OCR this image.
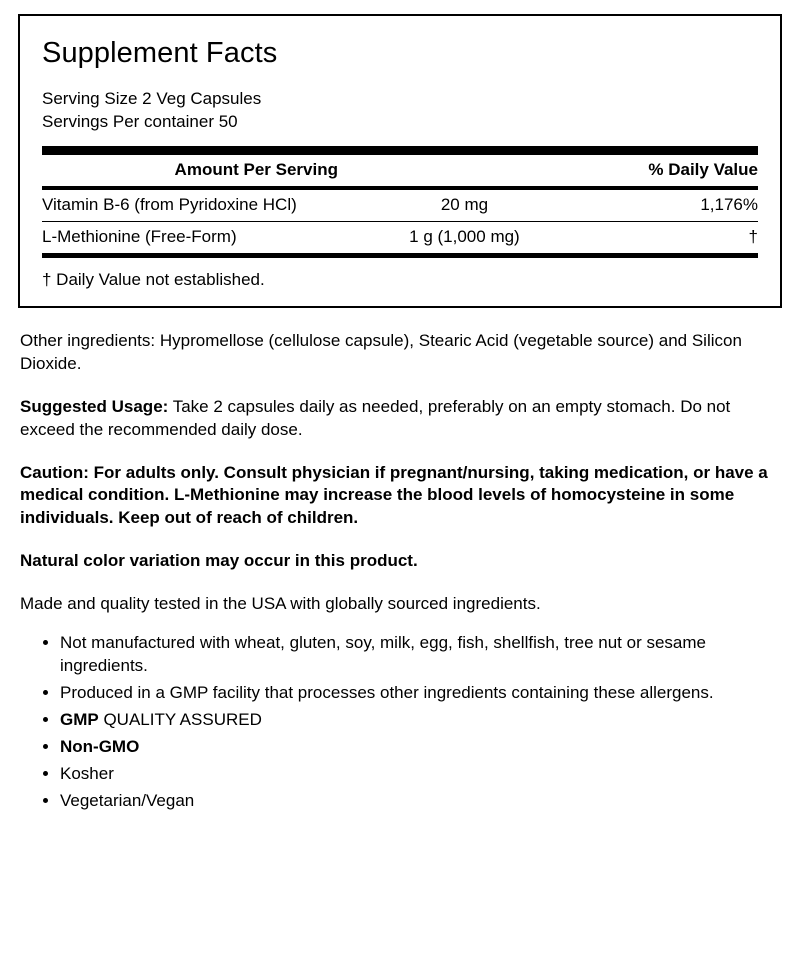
Supplement Facts
Serving Size 2 Veg Capsules
Servings Per container 50
	Amount Per Serving	% Daily Value
Vitamin B-6 (from Pyridoxine HCl)	20 mg	1,176%
L-Methionine (Free-Form)	1 g (1,000 mg)	†
† Daily Value not established.

Other ingredients: Hypromellose (cellulose capsule), Stearic Acid (vegetable source) and Silicon Dioxide.

Suggested Usage: Take 2 capsules daily as needed, preferably on an empty stomach. Do not exceed the recommended daily dose.

Caution: For adults only. Consult physician if pregnant/nursing, taking medication, or have a medical condition. L-Methionine may increase the blood levels of homocysteine in some individuals. Keep out of reach of children.

Natural color variation may occur in this product.

Made and quality tested in the USA with globally sourced ingredients.

• Not manufactured with wheat, gluten, soy, milk, egg, fish, shellfish, tree nut or sesame ingredients.
• Produced in a GMP facility that processes other ingredients containing these allergens.
• GMP QUALITY ASSURED
• Non-GMO
• Kosher
• Vegetarian/Vegan
